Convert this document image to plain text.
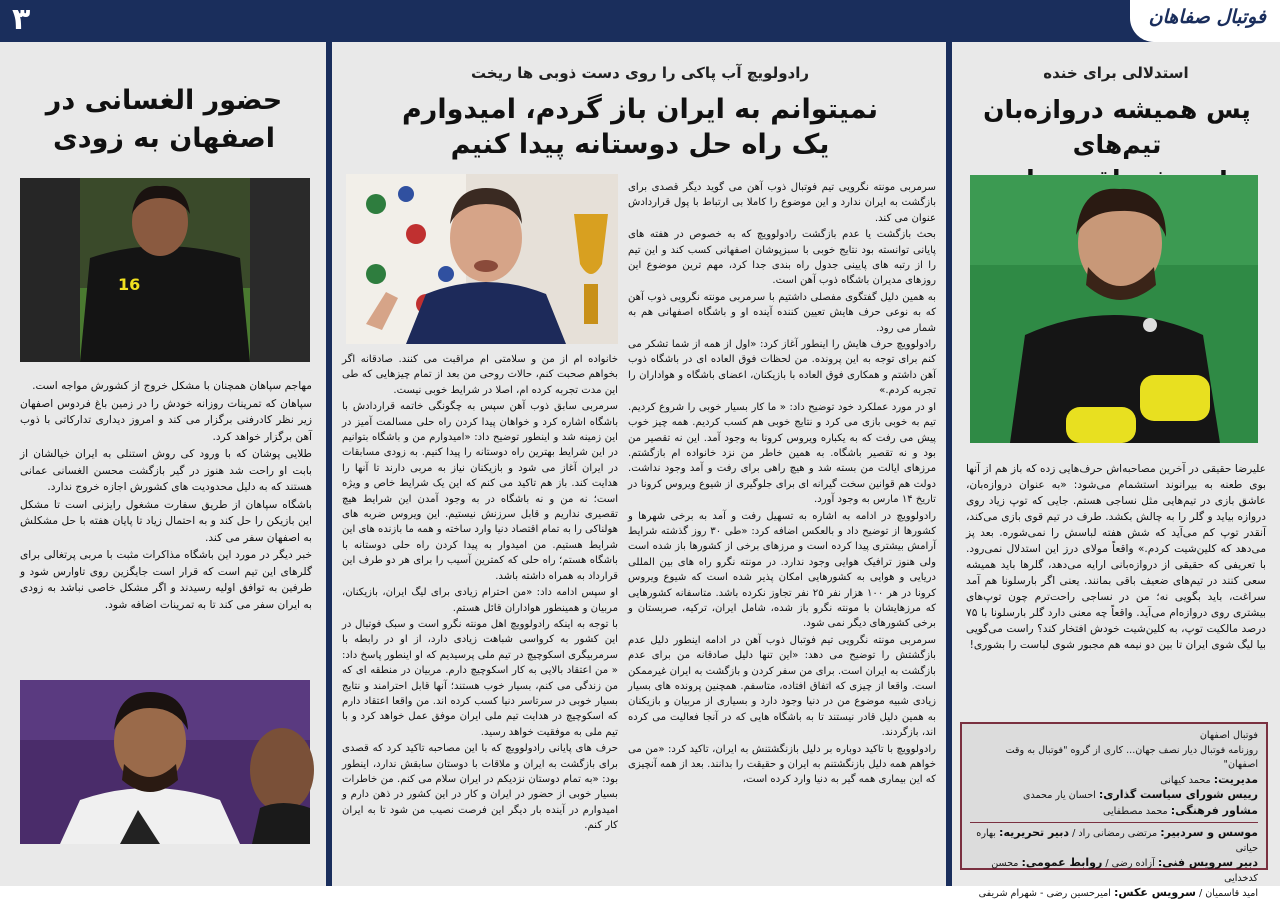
۳	فوتبال صفاهان
استدلالی برای خنده
پس همیشه دروازه‌بان تیم‌های

علیرضا حقیقی در آخرین مصاحبه‌اش حرف‌هایی زده که باز هم از آنها بوی طعنه به بیرانوند استشمام می‌شود: «به عنوان دروازه‌بان، عاشق بازی در تیم‌هایی مثل نساجی هستم. جایی که توپ زیاد روی دروازه بیاید و گلر را به چالش بکشد. طرف در تیم قوی بازی می‌کند، آنقدر توپ کم می‌آید که شش هفته لباسش را نمی‌شوره. بعد پز می‌دهد که کلین‌شیت کردم.» واقعاً مولای درز این استدلال نمی‌رود. با تعریفی که حقیقی از دروازه‌بانی ارایه می‌دهد، گلرها باید همیشه سعی کنند در تیم‌های ضعیف باقی بمانند. یعنی اگر بارسلونا هم آمد سراغت، باید بگویی نه؛ من در نساجی راحت‌ترم چون توپ‌های بیشتری روی دروازه‌ام می‌آید. واقعاً چه معنی دارد گلر بارسلونا با ۷۵ درصد مالکیت توپ، به کلین‌شیت خودش افتخار کند؟ راست می‌گویی بیا لیگ شوی ایران تا بین دو نیمه هم مجبور شوی لباست را بشوری!

فوتبال اصفهان
روزنامه فوتبال دیار نصف جهان... کاری از گروه "فوتبال به وقت اصفهان"
مدیریت: محمد کیهانی
رییس شورای سیاست گذاری: احسان یار محمدی
مشاور فرهنگی: محمد مصطفایی
موسس و سردبیر: مرتضی رمضانی راد / دبیر تحریریه: بهاره حیاتی
دبیر سرویس فنی: آزاده رضی / روابط عمومی: محسن کدخدایی
امید قاسمیان / سرویس عکس: امیرحسین رضی - شهرام شریفی
رادولویچ آب پاکی را روی دست ذوبی ها ریخت
نمیتوانم به ایران باز گردم، امیدوارم
یک راه حل دوستانه پیدا کنیم

سرمربی مونته نگرویی تیم فوتبال ذوب آهن می گوید دیگر قصدی برای بازگشت به ایران ندارد و این موضوع را کاملا بی ارتباط با پول قراردادش عنوان می کند.

بحث بازگشت یا عدم بازگشت رادولوویچ که به خصوص در هفته های پایانی توانسته بود نتایج خوبی با سبزپوشان اصفهانی کسب کند و این تیم را از رتبه های پایینی جدول راه بندی جدا کرد، مهم ترین موضوع این روزهای مدیران باشگاه ذوب آهن است.

به همین دلیل گفتگوی مفصلی داشتیم با سرمربی مونته نگرویی ذوب آهن که به نوعی حرف هایش تعیین کننده آینده او و باشگاه اصفهانی هم به شمار می رود.

رادولوویچ حرف هایش را اینطور آغاز کرد: «اول از همه از شما تشکر می کنم برای توجه به این پرونده. من لحظات فوق العاده ای در باشگاه ذوب آهن داشتم و همکاری فوق العاده با بازیکنان، اعضای باشگاه و هواداران را تجربه کردم.»

او در مورد عملکرد خود توضیح داد: « ما کار بسیار خوبی را شروع کردیم. تیم به خوبی بازی می کرد و نتایج خوبی هم کسب کردیم. همه چیز خوب پیش می رفت که به یکباره ویروس کرونا به وجود آمد. این نه تقصیر من بود و نه تقصیر باشگاه. به همین خاطر من نزد خانواده ام بازگشتم. مرزهای ایالت من بسته شد و هیچ راهی برای رفت و آمد وجود نداشت. دولت هم قوانین سخت گیرانه ای برای جلوگیری از شیوع ویروس کرونا در تاریخ ۱۴ مارس به وجود آورد.

رادولوویچ در ادامه به اشاره به تسهیل رفت و آمد به برخی شهرها و کشورها از توضیح داد و بالعکس اضافه کرد: «طی ۳۰ روز گذشته شرایط آرامش بیشتری پیدا کرده است و مرزهای برخی از کشورها باز شده است ولی هنوز ترافیک هوایی وجود ندارد. در مونته نگرو راه های بین المللی دریایی و هوایی به کشورهایی امکان پذیر شده است که شیوع ویروس کرونا در هر ۱۰۰ هزار نفر ۲۵ نفر تجاوز نکرده باشد. متاسفانه کشورهایی که مرزهایشان با مونته نگرو باز شده، شامل ایران، ترکیه، صربستان و برخی کشورهای دیگر نمی شود.

سرمربی مونته نگرویی تیم فوتبال ذوب آهن در ادامه اینطور دلیل عدم بازگشتش را توضیح می دهد: «این تنها دلیل صادقانه من برای عدم بازگشت به ایران است. برای من سفر کردن و بازگشت به ایران غیرممکن است. واقعا از چیزی که اتفاق افتاده، متاسفم. همچنین پرونده های بسیار زیادی شبیه موضوع من در دنیا وجود دارد و بسیاری از مربیان و بازیکنان به همین دلیل قادر نیستند تا به باشگاه هایی که در آنجا فعالیت می کرده اند، بازگردند.

رادولوویچ با تاکید دوباره بر دلیل بازنگشتنش به ایران، تاکید کرد: «من می خواهم همه دلیل بازنگشتنم به ایران و حقیقت را بدانند. بعد از همه آنچیزی که این بیماری همه گیر به دنیا وارد کرده است،

خانواده ام از من و سلامتی ام مراقبت می کنند. صادقانه اگر بخواهم صحبت کنم، حالات روحی من بعد از تمام چیزهایی که طی این مدت تجربه کرده ام، اصلا در شرایط خوبی نیست.

سرمربی سابق ذوب آهن سپس به چگونگی خاتمه قراردادش با باشگاه اشاره کرد و خواهان پیدا کردن راه حلی مسالمت آمیز در این زمینه شد و اینطور توضیح داد: «امیدوارم من و باشگاه بتوانیم در این شرایط بهترین راه دوستانه را پیدا کنیم. به زودی مسابقات در ایران آغاز می شود و بازیکنان نیاز به مربی دارند تا آنها را هدایت کند. باز هم تاکید می کنم که این یک شرایط خاص و ویژه است؛ نه من و نه باشگاه در به وجود آمدن این شرایط هیچ تقصیری نداریم و قابل سرزنش نیستیم. این ویروس ضربه های هولناکی را به تمام اقتصاد دنیا وارد ساخته و همه ما بازنده های این شرایط هستیم. من امیدوار به پیدا کردن راه حلی دوستانه با باشگاه هستم؛ راه حلی که کمترین آسیب را برای هر دو طرف این قرارداد به همراه داشته باشد.

او سپس ادامه داد: «من احترام زیادی برای لیگ ایران، بازیکنان، مربیان و همینطور هواداران قائل هستم.

با توجه به اینکه رادولوویچ اهل مونته نگرو است و سبک فوتبال در این کشور به کرواسی شباهت زیادی دارد، از او در رابطه با سرمربیگری اسکوچیچ در تیم ملی پرسیدیم که او اینطور پاسخ داد: « من اعتقاد بالایی به کار اسکوچیچ دارم. مربیان در منطقه ای که من زندگی می کنم، بسیار خوب هستند؛ آنها قابل احترامند و نتایج بسیار خوبی در سرتاسر دنیا کسب کرده اند. من واقعا اعتقاد دارم که اسکوچیچ در هدایت تیم ملی ایران موفق عمل خواهد کرد و با تیم ملی به موفقیت خواهد رسید.

حرف های پایانی رادولوویچ که با این مصاحبه تاکید کرد که قصدی برای بازگشت به ایران و ملاقات با دوستان سابقش ندارد، اینطور بود: «به تمام دوستان نزدیکم در ایران سلام می کنم. من خاطرات بسیار خوبی از حضور در ایران و کار در این کشور در ذهن دارم و امیدوارم در آینده بار دیگر این فرصت نصیب من شود تا به ایران کار کنم.

حضور الغسانی در
اصفهان به زودی
16

مهاجم سپاهان همچنان با مشکل خروج از کشورش مواجه است.

سپاهان که تمرینات روزانه خودش را در زمین باغ فردوس اصفهان زیر نظر کادرفنی برگزار می کند و امروز دیداری تدارکاتی با ذوب آهن برگزار خواهد کرد.

طلایی پوشان که با ورود کی روش استنلی به ایران خیالشان از بابت او راحت شد هنوز در گیر بازگشت محسن الغسانی عمانی هستند که به دلیل محدودیت های کشورش اجازه خروج ندارد.

باشگاه سپاهان از طریق سفارت مشغول رایزنی است تا مشکل این بازیکن را حل کند و به احتمال زیاد تا پایان هفته با حل مشکلش به اصفهان سفر می کند.

خبر دیگر در مورد این باشگاه مذاکرات مثبت با مربی پرتغالی برای گلرهای این تیم است که قرار است جایگزین روی تاوارس شود و طرفین به توافق اولیه رسیدند و اگر مشکل خاصی نباشد به زودی به ایران سفر می کند تا به تمرینات اضافه شود.
